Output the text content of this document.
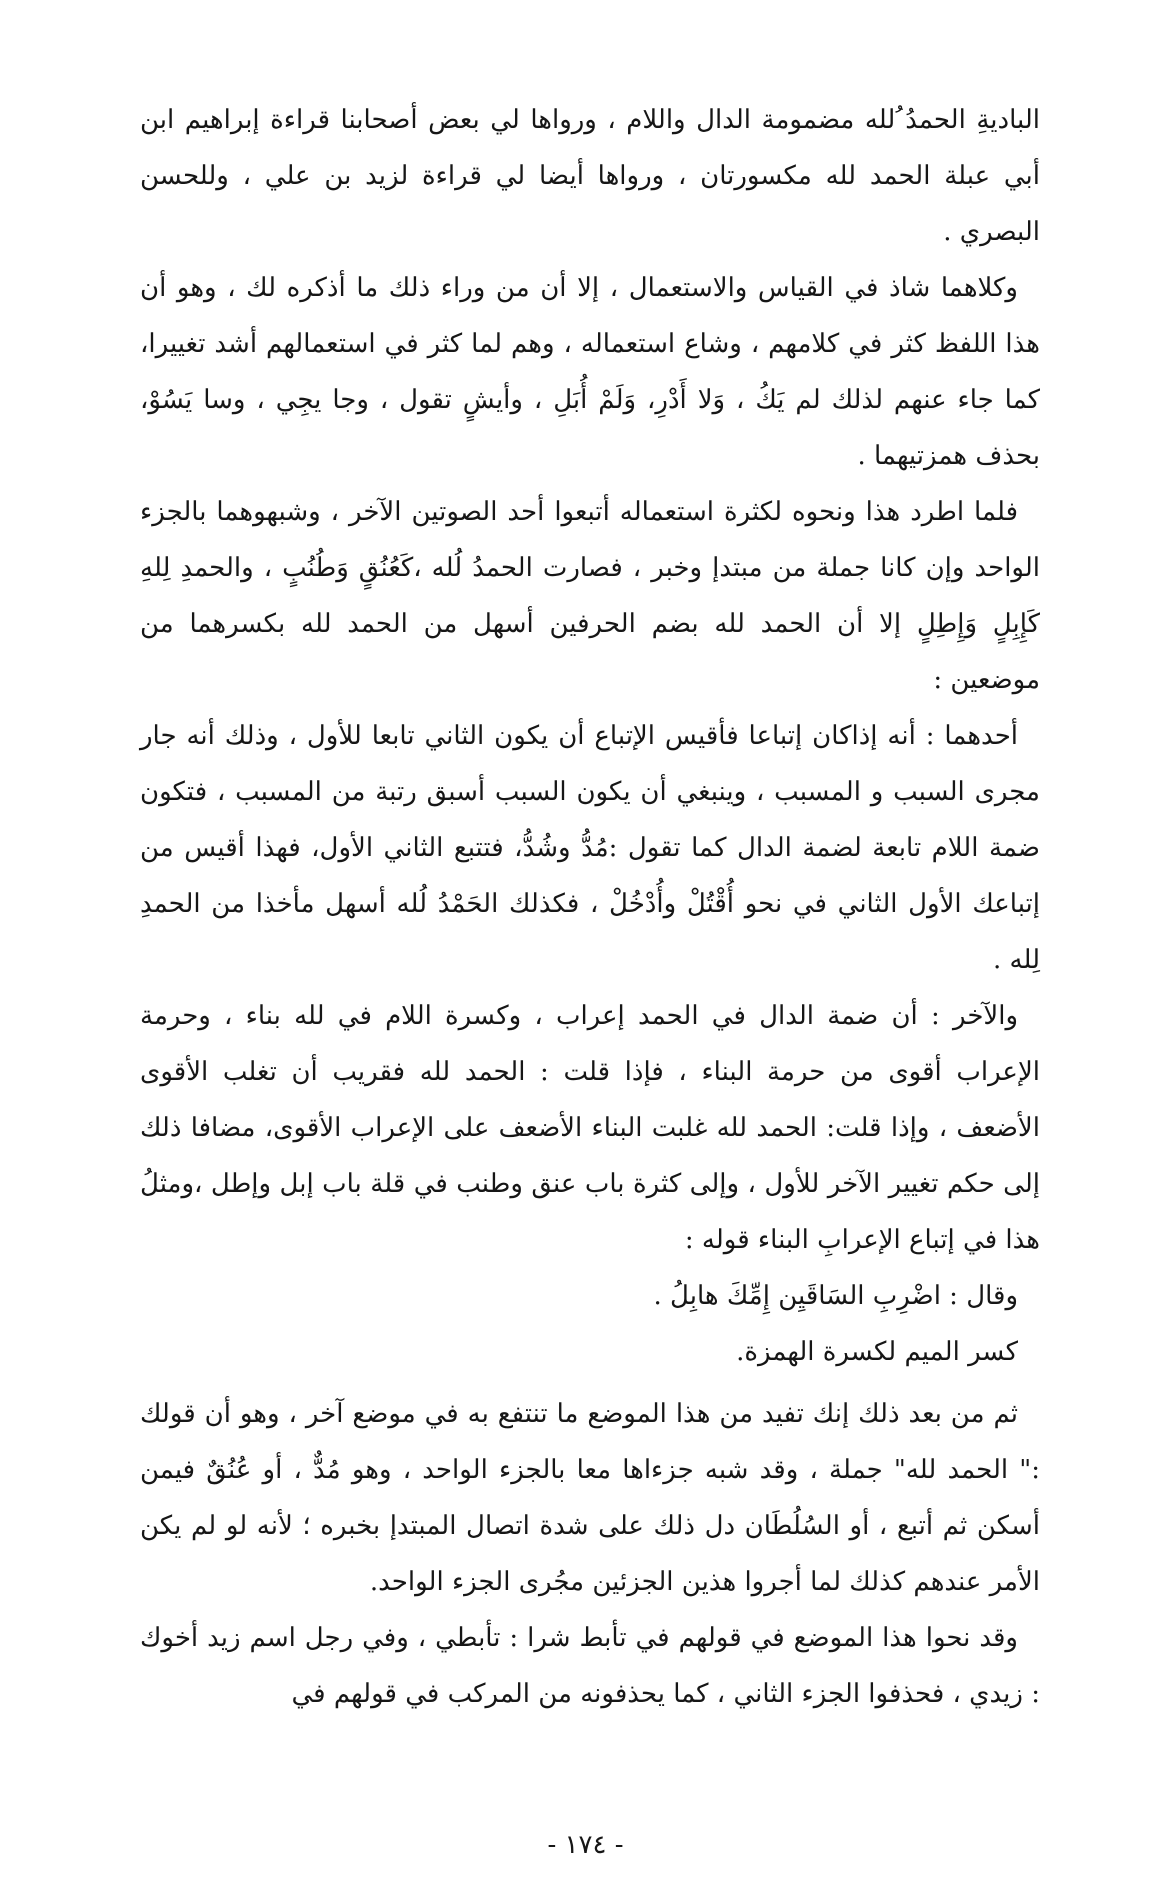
الباديةِ الحمدُ ُلله مضمومة الدال واللام ، ورواها لي بعض أصحابنا قراءة إبراهيم ابن أبي عبلة الحمد لله مكسورتان ، ورواها أيضا لي قراءة لزيد بن علي ، وللحسن البصري .

وكلاهما شاذ في القياس والاستعمال ، إلا أن من وراء ذلك ما أذكره لك ، وهو أن هذا اللفظ كثر في كلامهم ، وشاع استعماله ، وهم لما كثر في استعمالهم أشد تغييرا، كما جاء عنهم لذلك لم يَكُ ، وَلا أَدْرِ، وَلَمْ أُبَلِ ، وأيشٍ تقول ، وجا يجِي ، وسا يَسُوْ، بحذف همزتيهما .

فلما اطرد هذا ونحوه لكثرة استعماله أتبعوا أحد الصوتين الآخر ، وشبهوهما بالجزء الواحد وإن كانا جملة من مبتدإ وخبر ، فصارت الحمدُ لُله ،كَعُنُقٍ وَطُنُبٍ ، والحمدِ لِلهِ كَإِبِلٍ وَإِطِلٍ إلا أن الحمد لله بضم الحرفين أسهل من الحمد لله بكسرهما من موضعين :

أحدهما : أنه إذاكان إتباعا فأقيس الإتباع أن يكون الثاني تابعا للأول ، وذلك أنه جار مجرى السبب و المسبب ، وينبغي أن يكون السبب أسبق رتبة من المسبب ، فتكون ضمة اللام تابعة لضمة الدال كما تقول :مُدُّ وشُدُّ، فتتبع الثاني الأول، فهذا أقيس من إتباعك الأول الثاني في نحو أُقْتُلْ وأُدْخُلْ ، فكذلك الحَمْدُ لُله أسهل مأخذا من الحمدِ لِله .

والآخر : أن ضمة الدال في الحمد إعراب ، وكسرة اللام في لله بناء ، وحرمة الإعراب أقوى من حرمة البناء ، فإذا قلت : الحمد لله فقريب أن تغلب الأقوى الأضعف ، وإذا قلت: الحمد لله غلبت البناء الأضعف على الإعراب الأقوى، مضافا ذلك إلى حكم تغيير الآخر للأول ، وإلى كثرة باب عنق وطنب في قلة باب إبل وإطل ،ومثلُ هذا في إتباع الإعرابِ البناء قوله :

وقال : اضْرِبِ السَاقَيِن إِمِّكَ هابِلُ .

كسر الميم لكسرة الهمزة.

ثم من بعد ذلك إنك تفيد من هذا الموضع ما تنتفع به في موضع آخر ، وهو أن قولك :" الحمد لله" جملة ، وقد شبه جزءاها معا بالجزء الواحد ، وهو مُدٌّ ، أو عُنُقٌ فيمن أسكن ثم أتبع ، أو السُلُطَان دل ذلك على شدة اتصال المبتدإ بخبره ؛ لأنه لو لم يكن الأمر عندهم كذلك لما أجروا هذين الجزئين مجُرى الجزء الواحد.

وقد نحوا هذا الموضع في قولهم في تأبط شرا : تأبطي ، وفي رجل اسم زيد أخوك : زيدي ، فحذفوا الجزء الثاني ، كما يحذفونه من المركب في قولهم في

- ١٧٤ -
